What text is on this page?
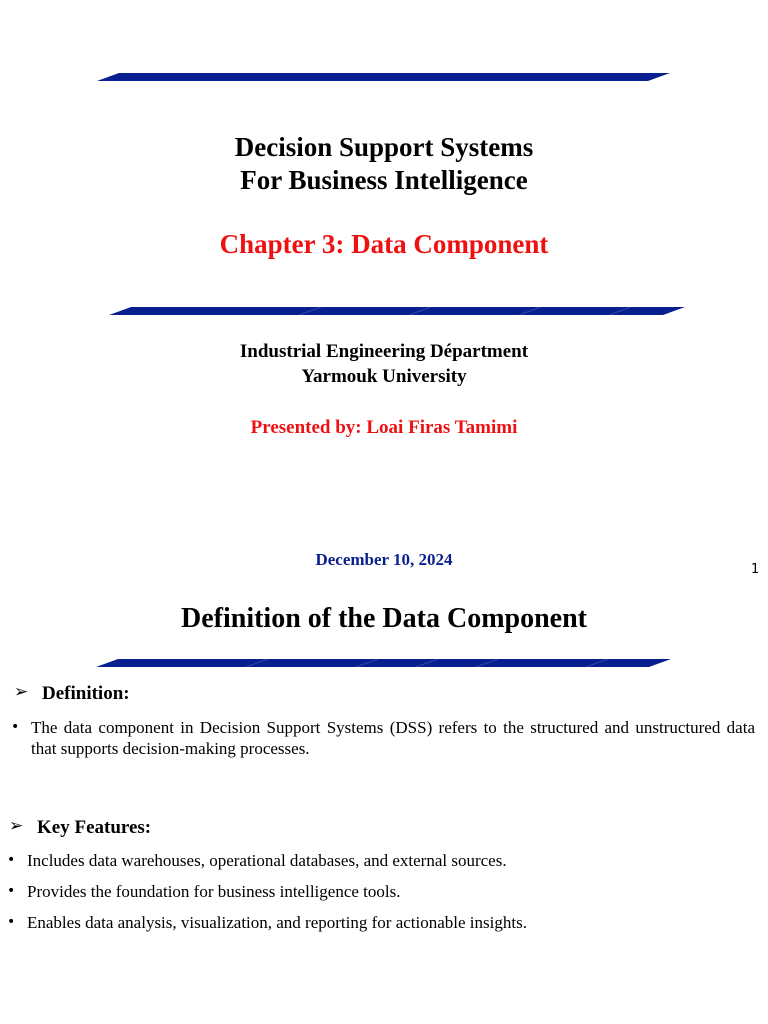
Decision Support Systems
For Business Intelligence
Chapter 3: Data Component
Industrial Engineering Départment
Yarmouk University
Presented by: Loai Firas Tamimi
December 10, 2024
1
Definition of the Data Component
➢ Definition:
• The data component in Decision Support Systems (DSS) refers to the structured and unstructured data that supports decision-making processes.
➢ Key Features:
• Includes data warehouses, operational databases, and external sources.
• Provides the foundation for business intelligence tools.
• Enables data analysis, visualization, and reporting for actionable insights.
